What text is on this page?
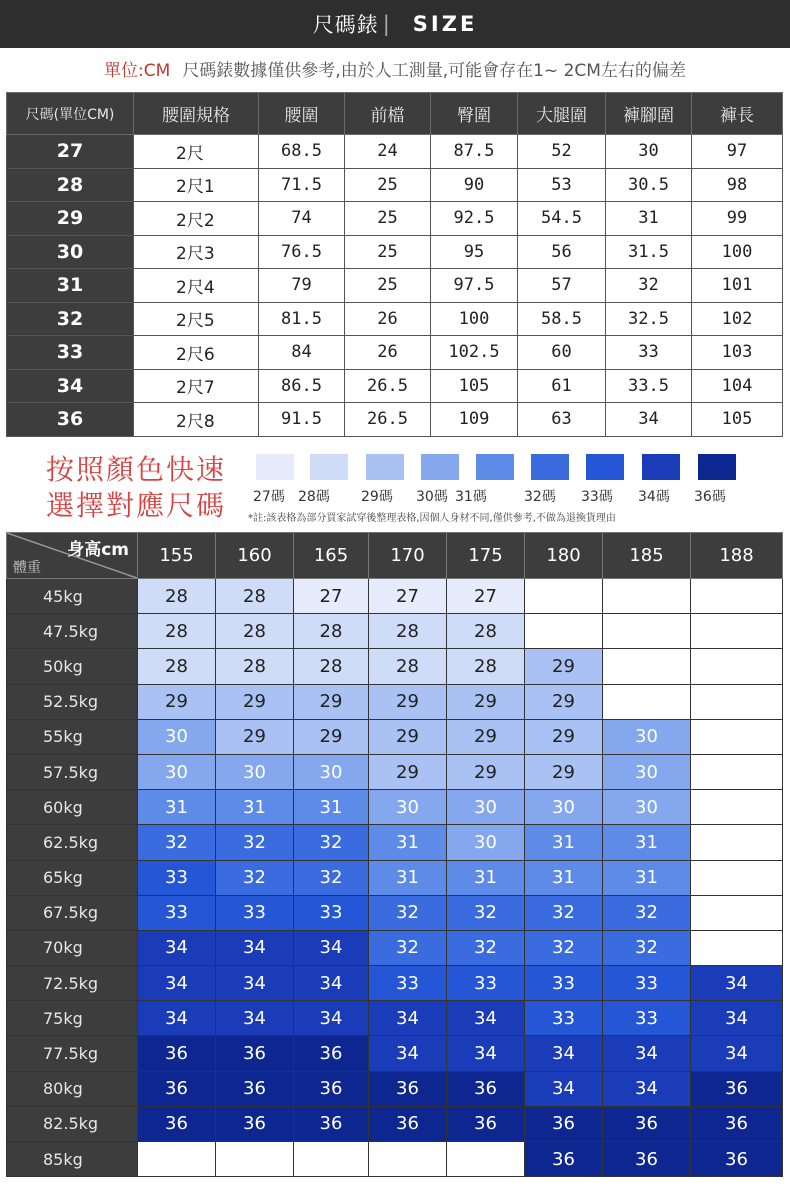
尺碼錶 | SIZE
單位:CM 尺碼錶數據僅供參考,由於人工測量,可能會存在1~ 2CM左右的偏差
尺碼(單位CM)	腰圍規格	腰圍	前檔	臀圍	大腿圍	褲腳圍	褲長
27	2尺	68.5	24	87.5	52	30	97
28	2尺1	71.5	25	90	53	30.5	98
29	2尺2	74	25	92.5	54.5	31	99
30	2尺3	76.5	25	95	56	31.5	100
31	2尺4	79	25	97.5	57	32	101
32	2尺5	81.5	26	100	58.5	32.5	102
33	2尺6	84	26	102.5	60	33	103
34	2尺7	86.5	26.5	105	61	33.5	104
36	2尺8	91.5	26.5	109	63	34	105
按照顏色快速
選擇對應尺碼 27碼 28碼 29碼 30碼 31碼	32碼 33碼 34碼 36碼
*註:該表格為部分買家試穿後整理表格,因個人身材不同,僅供參考,不做為退換貨理由
身高cm
體重	155	160	165	170	175	180	185	188
45kg	28	28	27	27	27			
47.5kg	28	28	28	28	28			
50kg	28	28	28	28	28	29		
52.5kg	29	29	29	29	29	29		
55kg	30	29	29	29	29	29	30	
57.5kg	30	30	30	29	29	29	30	
60kg	31	31	31	30	30	30	30	
62.5kg	32	32	32	31	30	31	31	
65kg	33	32	32	31	31	31	31	
67.5kg	33	33	33	32	32	32	32	
70kg	34	34	34	32	32	32	32	
72.5kg	34	34	34	33	33	33	33	34
75kg	34	34	34	34	34	33	33	34
77.5kg	36	36	36	34	34	34	34	34
80kg	36	36	36	36	36	34	34	36
82.5kg	36	36	36	36	36	36	36	36
85kg						36	36	36
